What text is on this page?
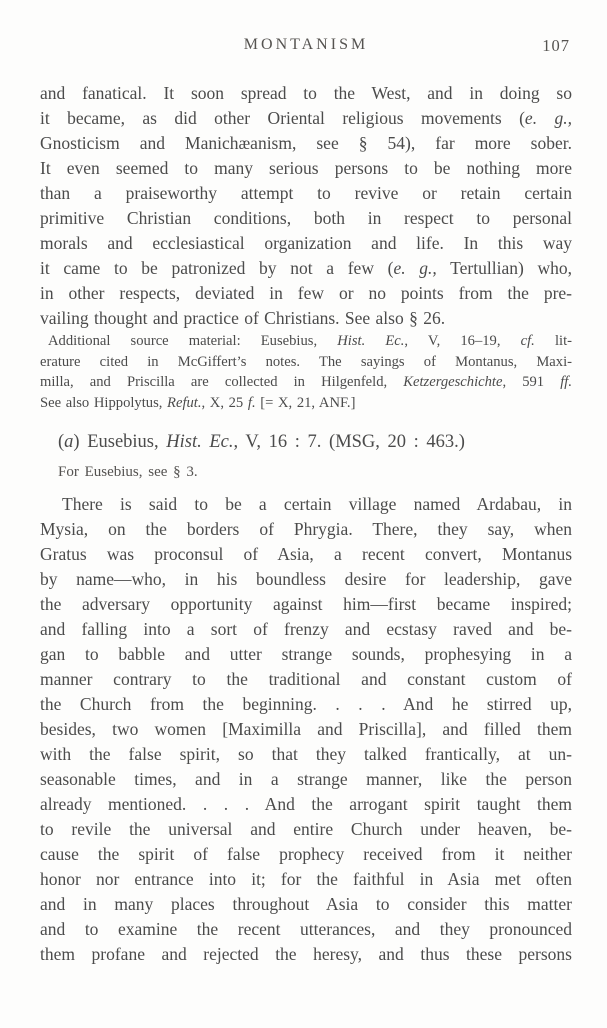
MONTANISM	107
and fanatical. It soon spread to the West, and in doing so
it became, as did other Oriental religious movements (e. g.,
Gnosticism and Manichæanism, see § 54), far more sober.
It even seemed to many serious persons to be nothing more
than a praiseworthy attempt to revive or retain certain
primitive Christian conditions, both in respect to personal
morals and ecclesiastical organization and life. In this way
it came to be patronized by not a few (e. g., Tertullian) who,
in other respects, deviated in few or no points from the pre-
vailing thought and practice of Christians. See also § 26.
Additional source material: Eusebius, Hist. Ec., V, 16–19, cf. lit-
erature cited in McGiffert’s notes. The sayings of Montanus, Maxi-
milla, and Priscilla are collected in Hilgenfeld, Ketzergeschichte, 591 ff.
See also Hippolytus, Refut., X, 25 f. [= X, 21, ANF.]
(a) Eusebius, Hist. Ec., V, 16 : 7. (MSG, 20 : 463.)
For Eusebius, see § 3.
There is said to be a certain village named Ardabau, in
Mysia, on the borders of Phrygia. There, they say, when
Gratus was proconsul of Asia, a recent convert, Montanus
by name—who, in his boundless desire for leadership, gave
the adversary opportunity against him—first became inspired;
and falling into a sort of frenzy and ecstasy raved and be-
gan to babble and utter strange sounds, prophesying in a
manner contrary to the traditional and constant custom of
the Church from the beginning. . . . And he stirred up,
besides, two women [Maximilla and Priscilla], and filled them
with the false spirit, so that they talked frantically, at un-
seasonable times, and in a strange manner, like the person
already mentioned. . . . And the arrogant spirit taught them
to revile the universal and entire Church under heaven, be-
cause the spirit of false prophecy received from it neither
honor nor entrance into it; for the faithful in Asia met often
and in many places throughout Asia to consider this matter
and to examine the recent utterances, and they pronounced
them profane and rejected the heresy, and thus these persons
